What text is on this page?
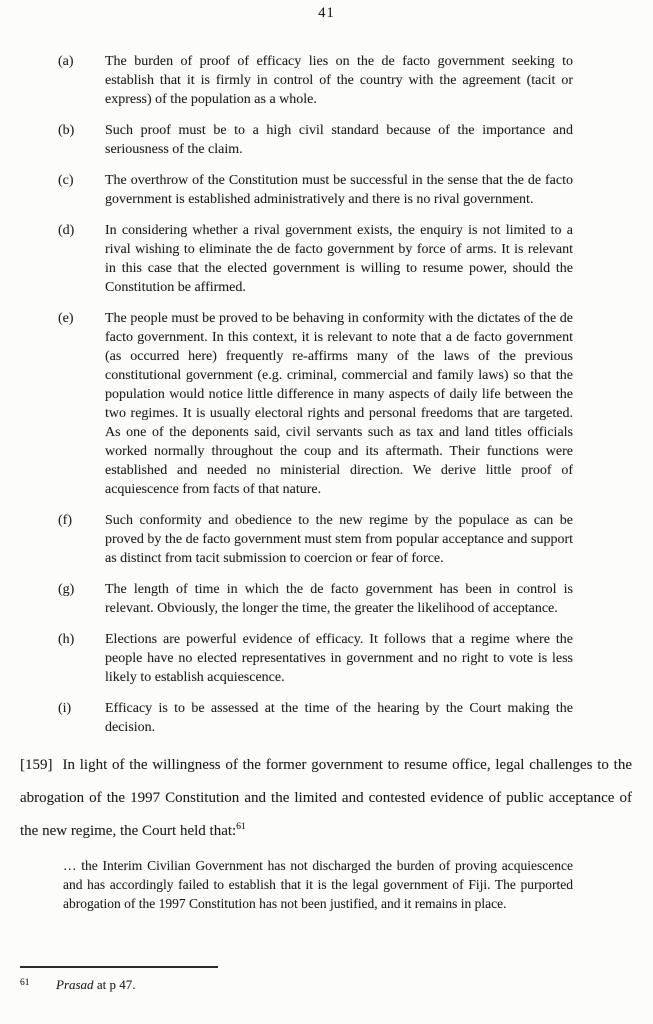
41
(a)	The burden of proof of efficacy lies on the de facto government seeking to establish that it is firmly in control of the country with the agreement (tacit or express) of the population as a whole.
(b)	Such proof must be to a high civil standard because of the importance and seriousness of the claim.
(c)	The overthrow of the Constitution must be successful in the sense that the de facto government is established administratively and there is no rival government.
(d)	In considering whether a rival government exists, the enquiry is not limited to a rival wishing to eliminate the de facto government by force of arms. It is relevant in this case that the elected government is willing to resume power, should the Constitution be affirmed.
(e)	The people must be proved to be behaving in conformity with the dictates of the de facto government. In this context, it is relevant to note that a de facto government (as occurred here) frequently re-affirms many of the laws of the previous constitutional government (e.g. criminal, commercial and family laws) so that the population would notice little difference in many aspects of daily life between the two regimes. It is usually electoral rights and personal freedoms that are targeted. As one of the deponents said, civil servants such as tax and land titles officials worked normally throughout the coup and its aftermath. Their functions were established and needed no ministerial direction. We derive little proof of acquiescence from facts of that nature.
(f)	Such conformity and obedience to the new regime by the populace as can be proved by the de facto government must stem from popular acceptance and support as distinct from tacit submission to coercion or fear of force.
(g)	The length of time in which the de facto government has been in control is relevant. Obviously, the longer the time, the greater the likelihood of acceptance.
(h)	Elections are powerful evidence of efficacy. It follows that a regime where the people have no elected representatives in government and no right to vote is less likely to establish acquiescence.
(i)	Efficacy is to be assessed at the time of the hearing by the Court making the decision.

[159] In light of the willingness of the former government to resume office, legal challenges to the abrogation of the 1997 Constitution and the limited and contested evidence of public acceptance of the new regime, the Court held that:$^{61}$

… the Interim Civilian Government has not discharged the burden of proving acquiescence and has accordingly failed to establish that it is the legal government of Fiji. The purported abrogation of the 1997 Constitution has not been justified, and it remains in place.
61 Prasad at p 47.
